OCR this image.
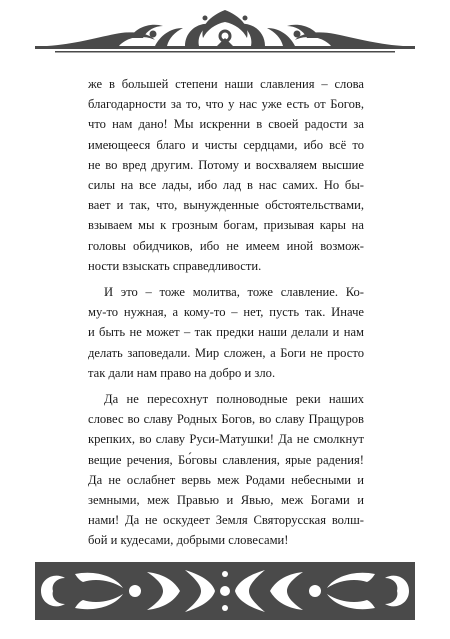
же в большей степени наши славления – слова
благодарности за то, что у нас уже есть от Богов,
что нам дано! Мы искренни в своей радости за
имеющееся благо и чисты сердцами, ибо всё то
не во вред другим. Потому и восхваляем высшие
силы на все лады, ибо лад в нас самих. Но бы-
вает и так, что, вынужденные обстоятельствами,
взываем мы к грозным богам, призывая кары на
головы обидчиков, ибо не имеем иной возмож-
ности взыскать справедливости.
И это – тоже молитва, тоже славление. Ко-
му-то нужная, а кому-то – нет, пусть так. Иначе
и быть не может – так предки наши делали и нам
делать заповедали. Мир сложен, а Боги не просто
так дали нам право на добро и зло.
Да не пересохнут полноводные реки наших
словес во славу Родных Богов, во славу Пращуров
крепких, во славу Руси-Матушки! Да не смолкнут
вещие речения, Бо́говы славления, ярые радения!
Да не ослабнет вервь меж Родами небесными и
земными, меж Правью и Явью, меж Богами и
нами! Да не оскудеет Земля Святорусская волш-
бой и кудесами, добрыми словесами!
